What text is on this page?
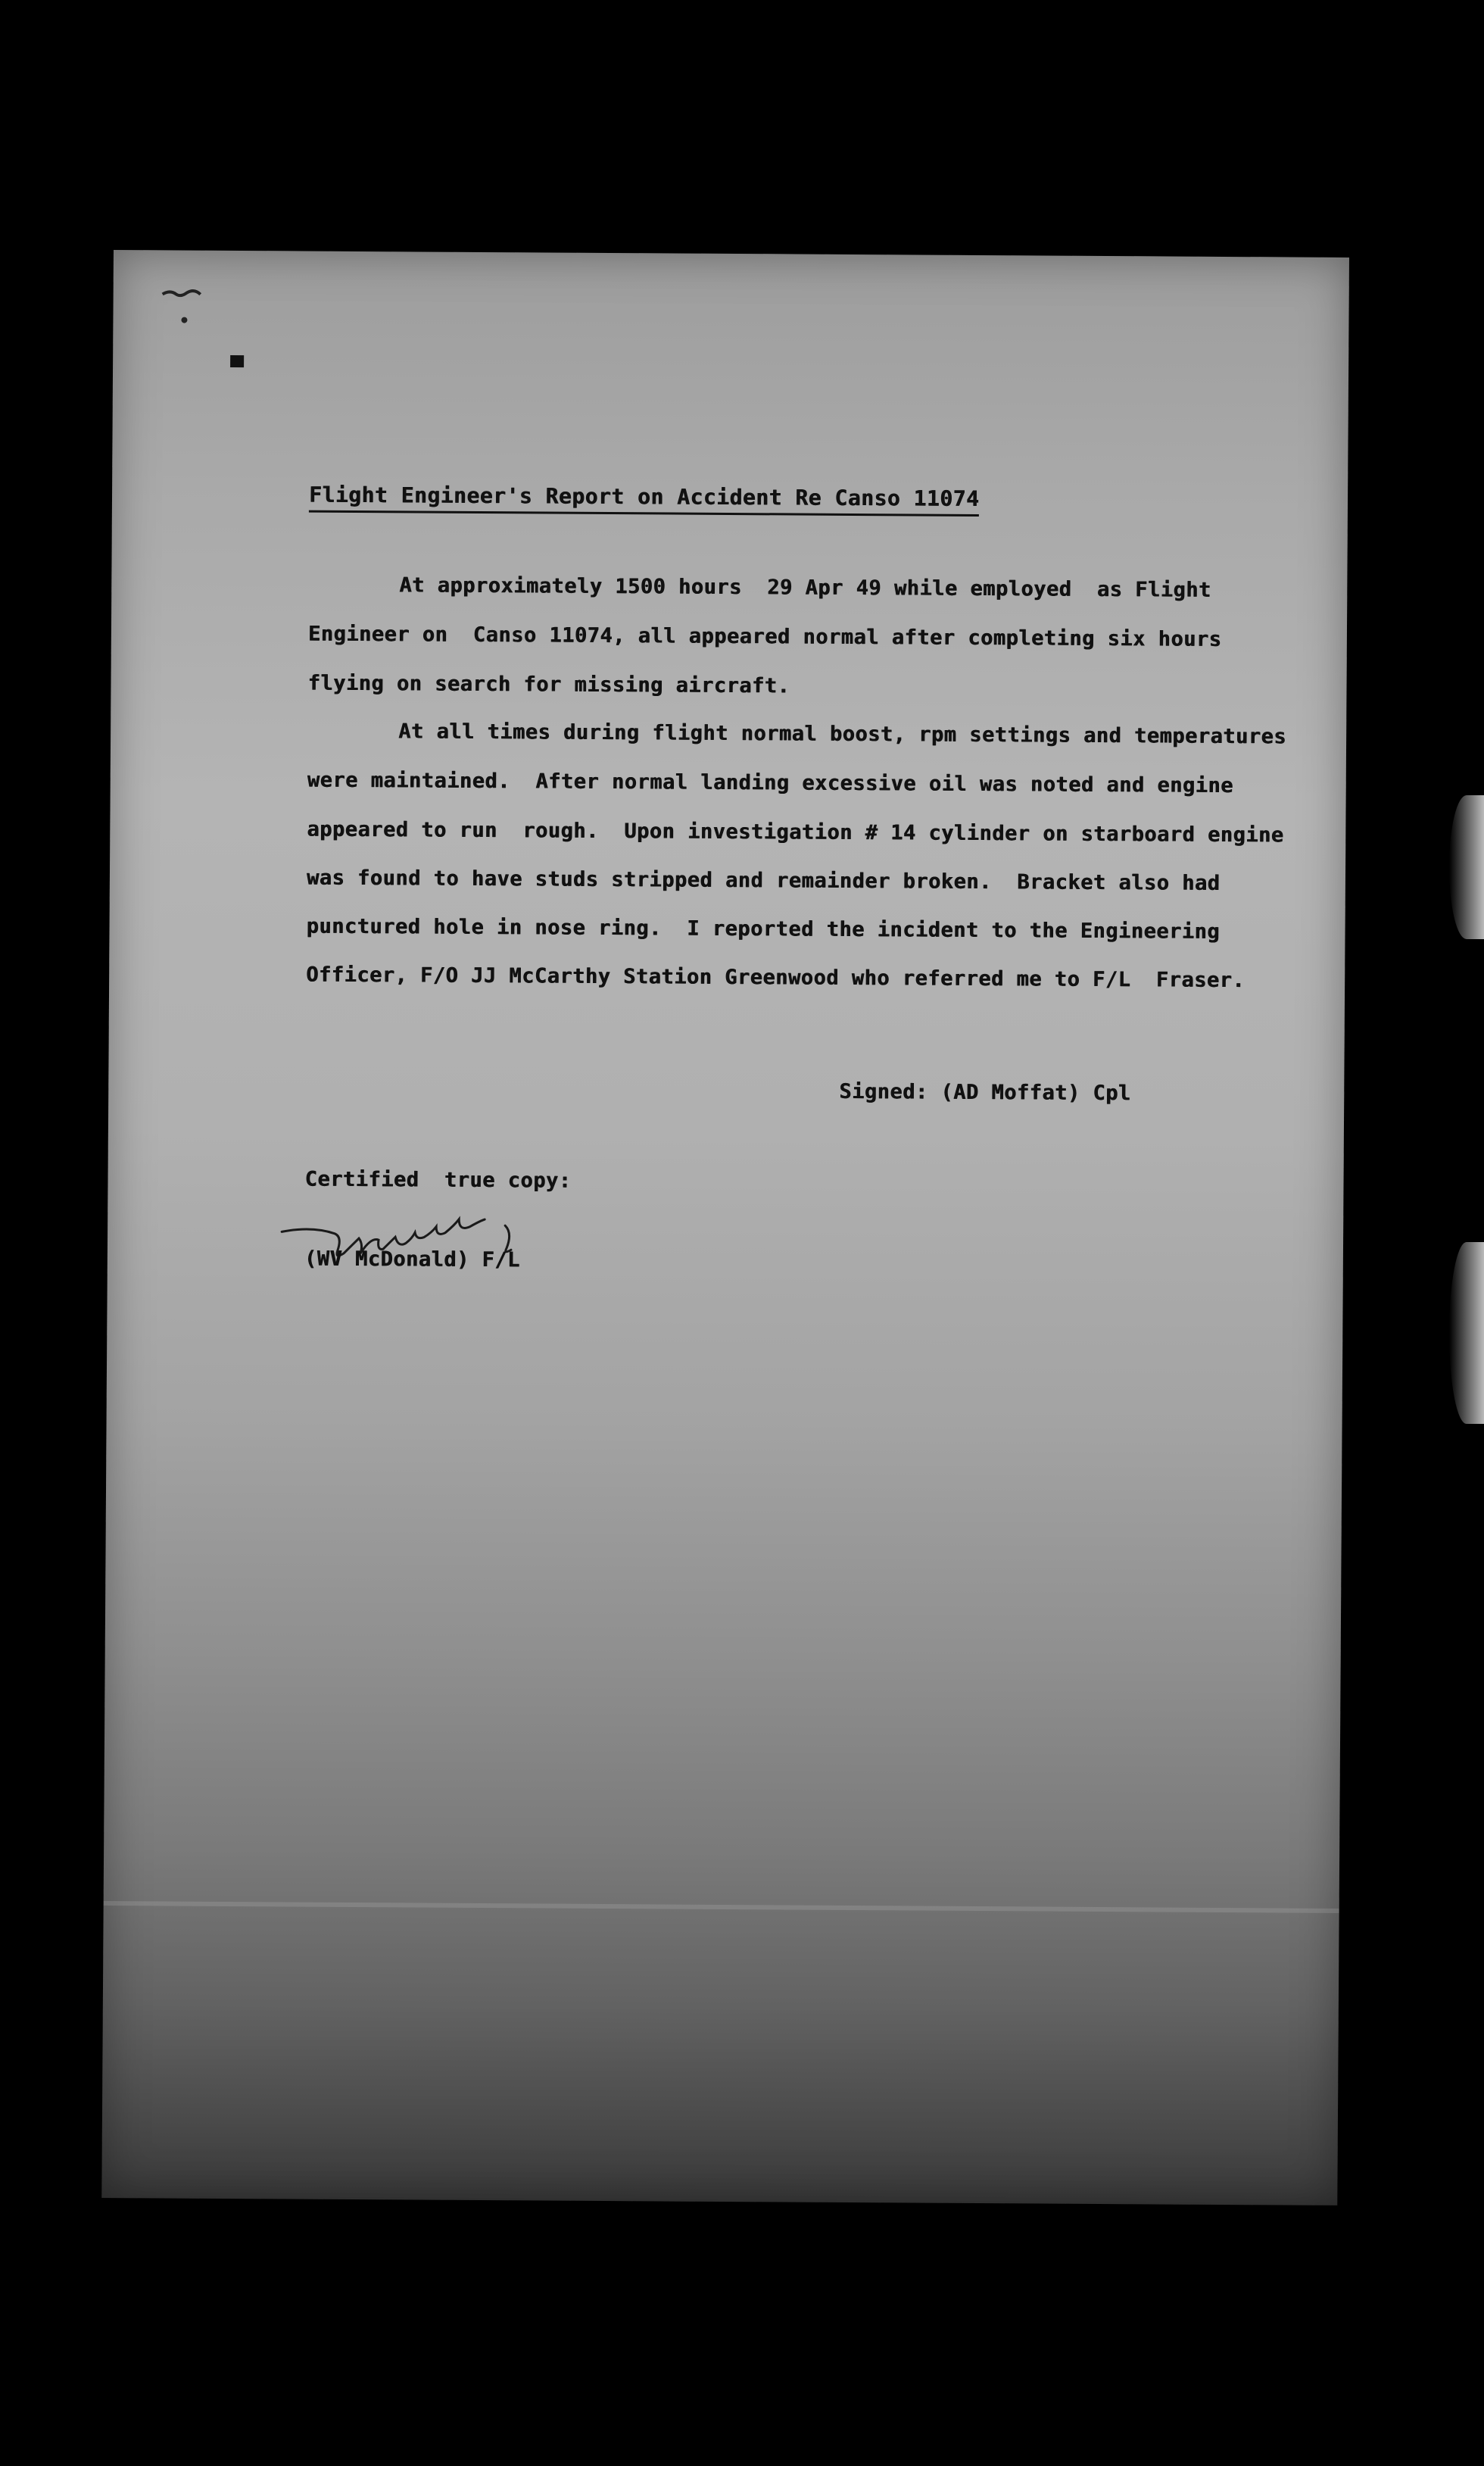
Flight Engineer's Report on Accident Re Canso 11074
At approximately 1500 hours  29 Apr 49 while employed  as Flight
Engineer on  Canso 11074, all appeared normal after completing six hours
flying on search for missing aircraft.
At all times during flight normal boost, rpm settings and temperatures
were maintained.  After normal landing excessive oil was noted and engine
appeared to run  rough.  Upon investigation # 14 cylinder on starboard engine
was found to have studs stripped and remainder broken.  Bracket also had
punctured hole in nose ring.  I reported the incident to the Engineering
Officer, F/O JJ McCarthy Station Greenwood who referred me to F/L  Fraser.
Signed: (AD Moffat) Cpl
Certified  true copy:
(WV McDonald) F/L
